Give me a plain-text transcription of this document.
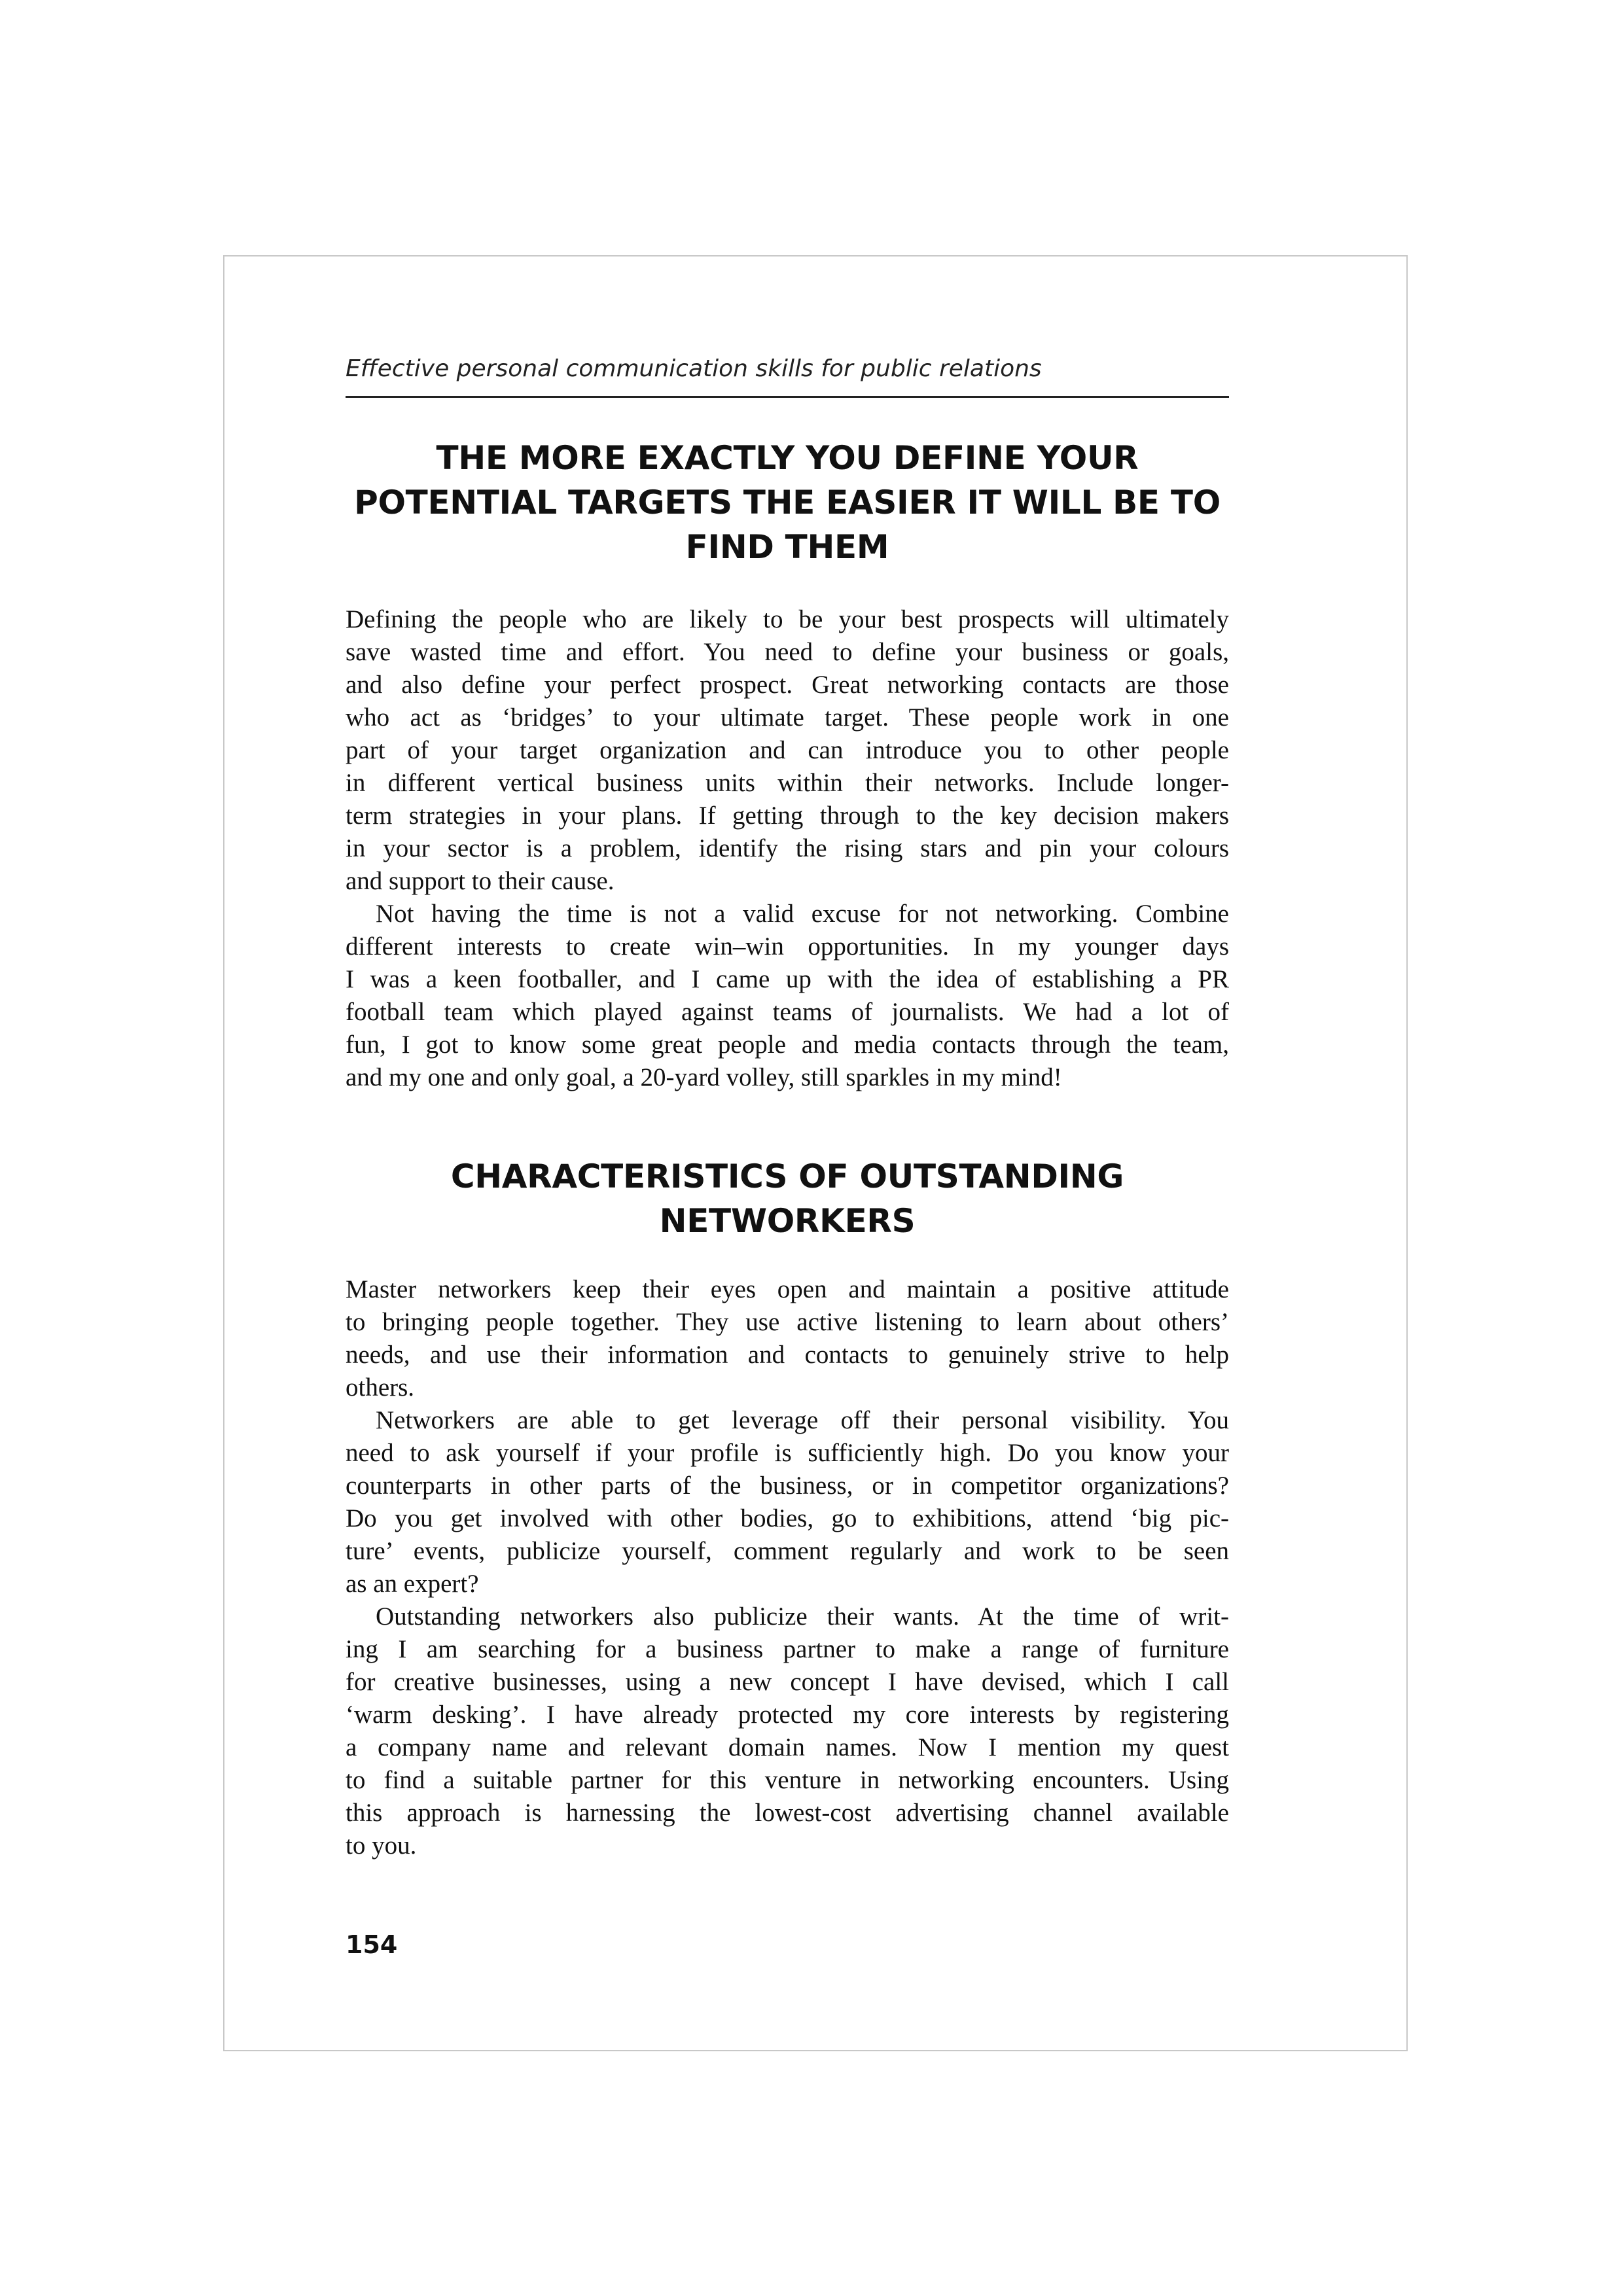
Effective personal communication skills for public relations
THE MORE EXACTLY YOU DEFINE YOUR
POTENTIAL TARGETS THE EASIER IT WILL BE TO
FIND THEM
Defining the people who are likely to be your best prospects will ultimately
save wasted time and effort. You need to define your business or goals,
and also define your perfect prospect. Great networking contacts are those
who act as ‘bridges’ to your ultimate target. These people work in one
part of your target organization and can introduce you to other people
in different vertical business units within their networks. Include longer-
term strategies in your plans. If getting through to the key decision makers
in your sector is a problem, identify the rising stars and pin your colours
and support to their cause.
Not having the time is not a valid excuse for not networking. Combine
different interests to create win–win opportunities. In my younger days
I was a keen footballer, and I came up with the idea of establishing a PR
football team which played against teams of journalists. We had a lot of
fun, I got to know some great people and media contacts through the team,
and my one and only goal, a 20-yard volley, still sparkles in my mind!
CHARACTERISTICS OF OUTSTANDING
NETWORKERS
Master networkers keep their eyes open and maintain a positive attitude
to bringing people together. They use active listening to learn about others’
needs, and use their information and contacts to genuinely strive to help
others.
Networkers are able to get leverage off their personal visibility. You
need to ask yourself if your profile is sufficiently high. Do you know your
counterparts in other parts of the business, or in competitor organizations?
Do you get involved with other bodies, go to exhibitions, attend ‘big pic-
ture’ events, publicize yourself, comment regularly and work to be seen
as an expert?
Outstanding networkers also publicize their wants. At the time of writ-
ing I am searching for a business partner to make a range of furniture
for creative businesses, using a new concept I have devised, which I call
‘warm desking’. I have already protected my core interests by registering
a company name and relevant domain names. Now I mention my quest
to find a suitable partner for this venture in networking encounters. Using
this approach is harnessing the lowest-cost advertising channel available
to you.
154
